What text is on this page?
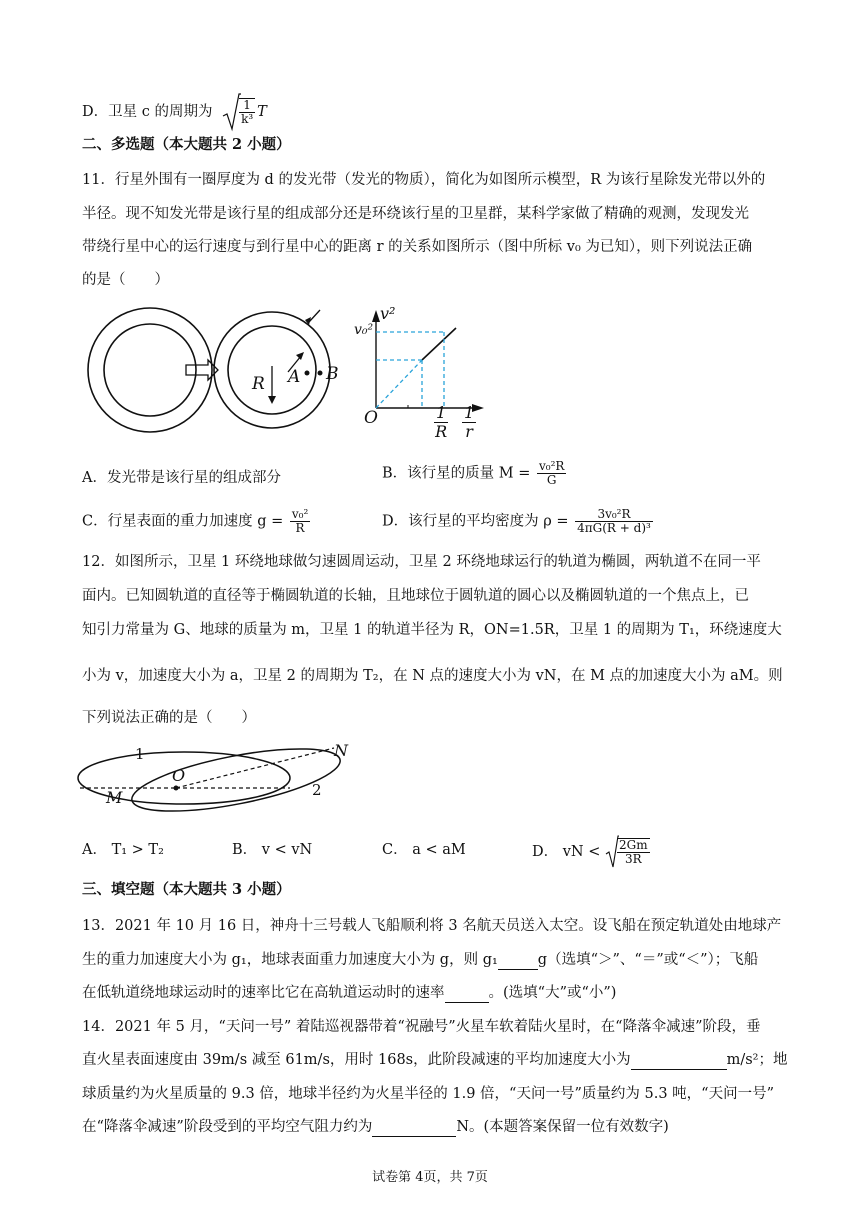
D．卫星 c 的周期为 $\frac{1}{\text{k³}}$ T
二、多选题（本大题共 2 小题）
11．行星外围有一圈厚度为 d 的发光带（发光的物质），简化为如图所示模型，R 为该行星除发光带以外的
半径。现不知发光带是该行星的组成部分还是环绕该行星的卫星群，某科学家做了精确的观测，发现发光
带绕行星中心的运行速度与到行星中心的距离 r 的关系如图所示（图中所标 v₀ 为已知），则下列说法正确
的是（　　）
R A B
v²
v₀²
O	$\frac{1}{R} \frac{1}{r}$
A．发光带是该行星的组成部分	B．该行星的质量 $M = \frac{\text{v₀²R}}{G}$
C．行星表面的重力加速度 $g = \frac{\text{v₀²}}{R}$	D．该行星的平均密度为 $\rho = \frac{\text{3v₀²R}}{\text{4πG(R + d)³}}$
12．如图所示，卫星 1 环绕地球做匀速圆周运动，卫星 2 环绕地球运行的轨道为椭圆，两轨道不在同一平
面内。已知圆轨道的直径等于椭圆轨道的长轴，且地球位于圆轨道的圆心以及椭圆轨道的一个焦点上，已
知引力常量为 G、地球的质量为 m，卫星 1 的轨道半径为 R，ON=1.5R，卫星 1 的周期为 T₁，环绕速度大
小为 v，加速度大小为 a，卫星 2 的周期为 T₂，在 N 点的速度大小为 vN，在 M 点的加速度大小为 aM。则
下列说法正确的是（　　）
1
2
O
M
N
A． T₁ > T₂	B． v < vN	C． a < aM	D． vN < $\frac{2Gm}{3R}$
三、填空题（本大题共 3 小题）
13．2021 年 10 月 16 日，神舟十三号载人飞船顺利将 3 名航天员送入太空。设飞船在预定轨道处由地球产
生的重力加速度大小为 g₁，地球表面重力加速度大小为 g，则 g₁	g（选填“＞”、“＝”或“＜”）；飞船
在低轨道绕地球运动时的速率比它在高轨道运动时的速率	。(选填“大”或“小”)
14．2021 年 5 月，“天问一号” 着陆巡视器带着“祝融号”火星车软着陆火星时，在“降落伞减速”阶段，垂
直火星表面速度由 39m/s 减至 61m/s，用时 168s，此阶段减速的平均加速度大小为	m/s²；地
球质量约为火星质量的 9.3 倍，地球半径约为火星半径的 1.9 倍，“天问一号”质量约为 5.3 吨，“天问一号”
在“降落伞减速”阶段受到的平均空气阻力约为	N。(本题答案保留一位有效数字)
试卷第 4页，共 7页
